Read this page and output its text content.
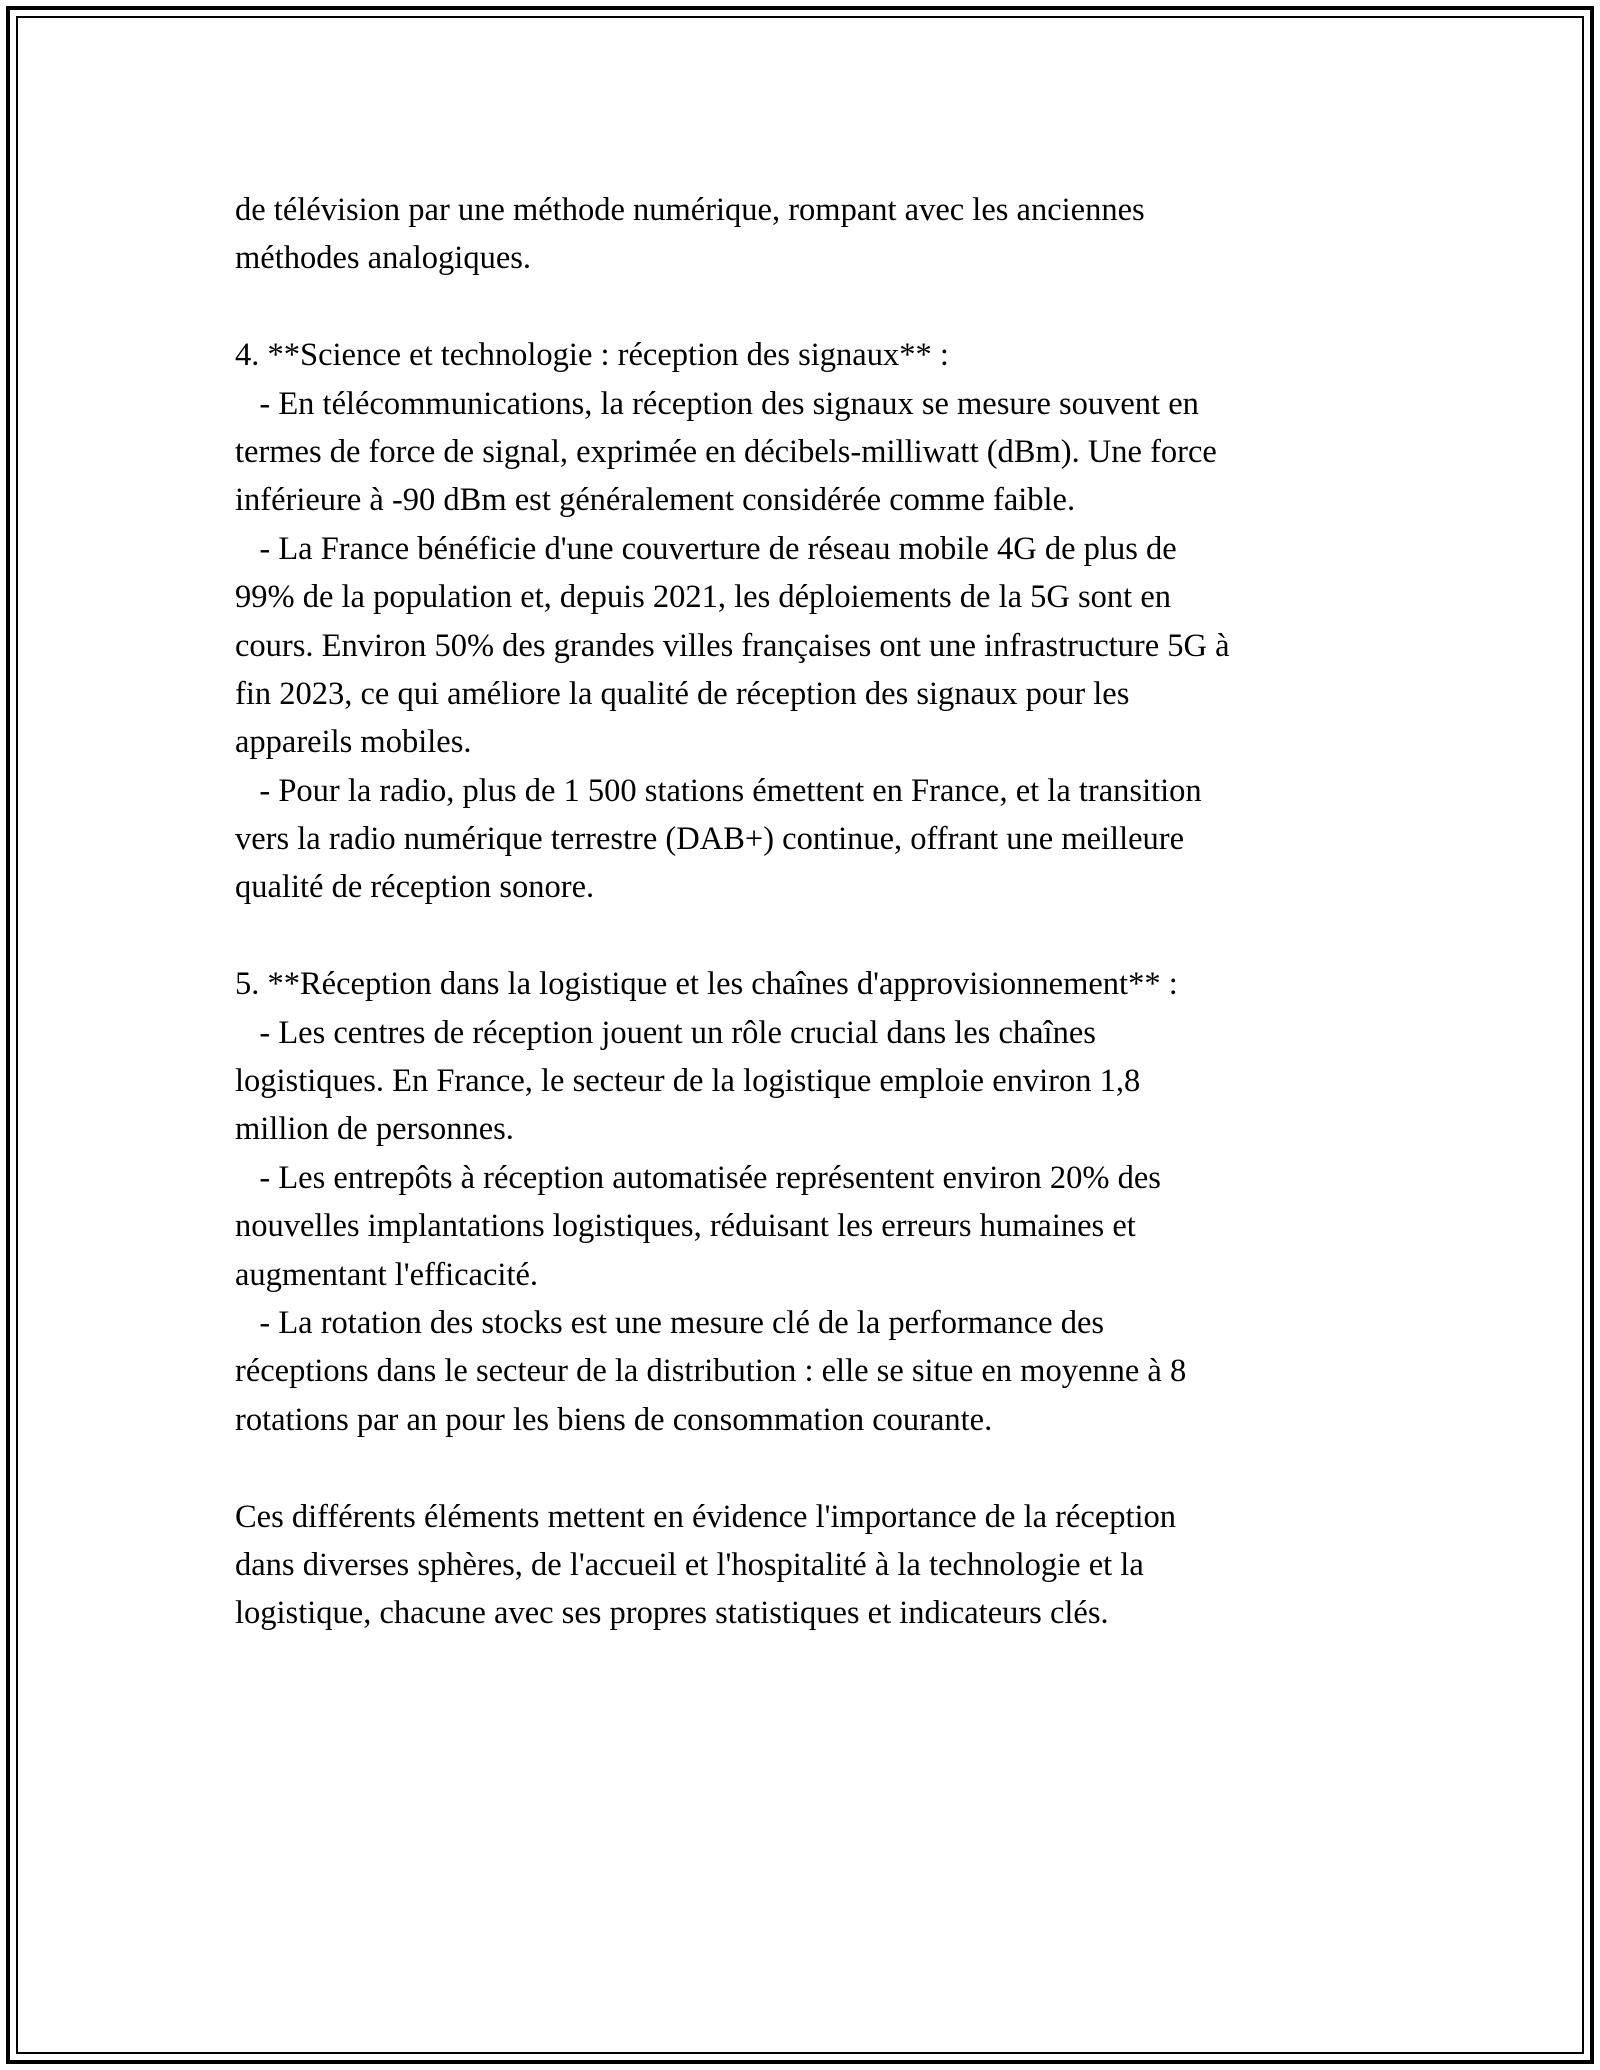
de télévision par une méthode numérique, rompant avec les anciennes
méthodes analogiques.
4. **Science et technologie : réception des signaux** :
- En télécommunications, la réception des signaux se mesure souvent en
termes de force de signal, exprimée en décibels-milliwatt (dBm). Une force
inférieure à -90 dBm est généralement considérée comme faible.
- La France bénéficie d'une couverture de réseau mobile 4G de plus de
99% de la population et, depuis 2021, les déploiements de la 5G sont en
cours. Environ 50% des grandes villes françaises ont une infrastructure 5G à
fin 2023, ce qui améliore la qualité de réception des signaux pour les
appareils mobiles.
- Pour la radio, plus de 1 500 stations émettent en France, et la transition
vers la radio numérique terrestre (DAB+) continue, offrant une meilleure
qualité de réception sonore.
5. **Réception dans la logistique et les chaînes d'approvisionnement** :
- Les centres de réception jouent un rôle crucial dans les chaînes
logistiques. En France, le secteur de la logistique emploie environ 1,8
million de personnes.
- Les entrepôts à réception automatisée représentent environ 20% des
nouvelles implantations logistiques, réduisant les erreurs humaines et
augmentant l'efficacité.
- La rotation des stocks est une mesure clé de la performance des
réceptions dans le secteur de la distribution : elle se situe en moyenne à 8
rotations par an pour les biens de consommation courante.
Ces différents éléments mettent en évidence l'importance de la réception
dans diverses sphères, de l'accueil et l'hospitalité à la technologie et la
logistique, chacune avec ses propres statistiques et indicateurs clés.
